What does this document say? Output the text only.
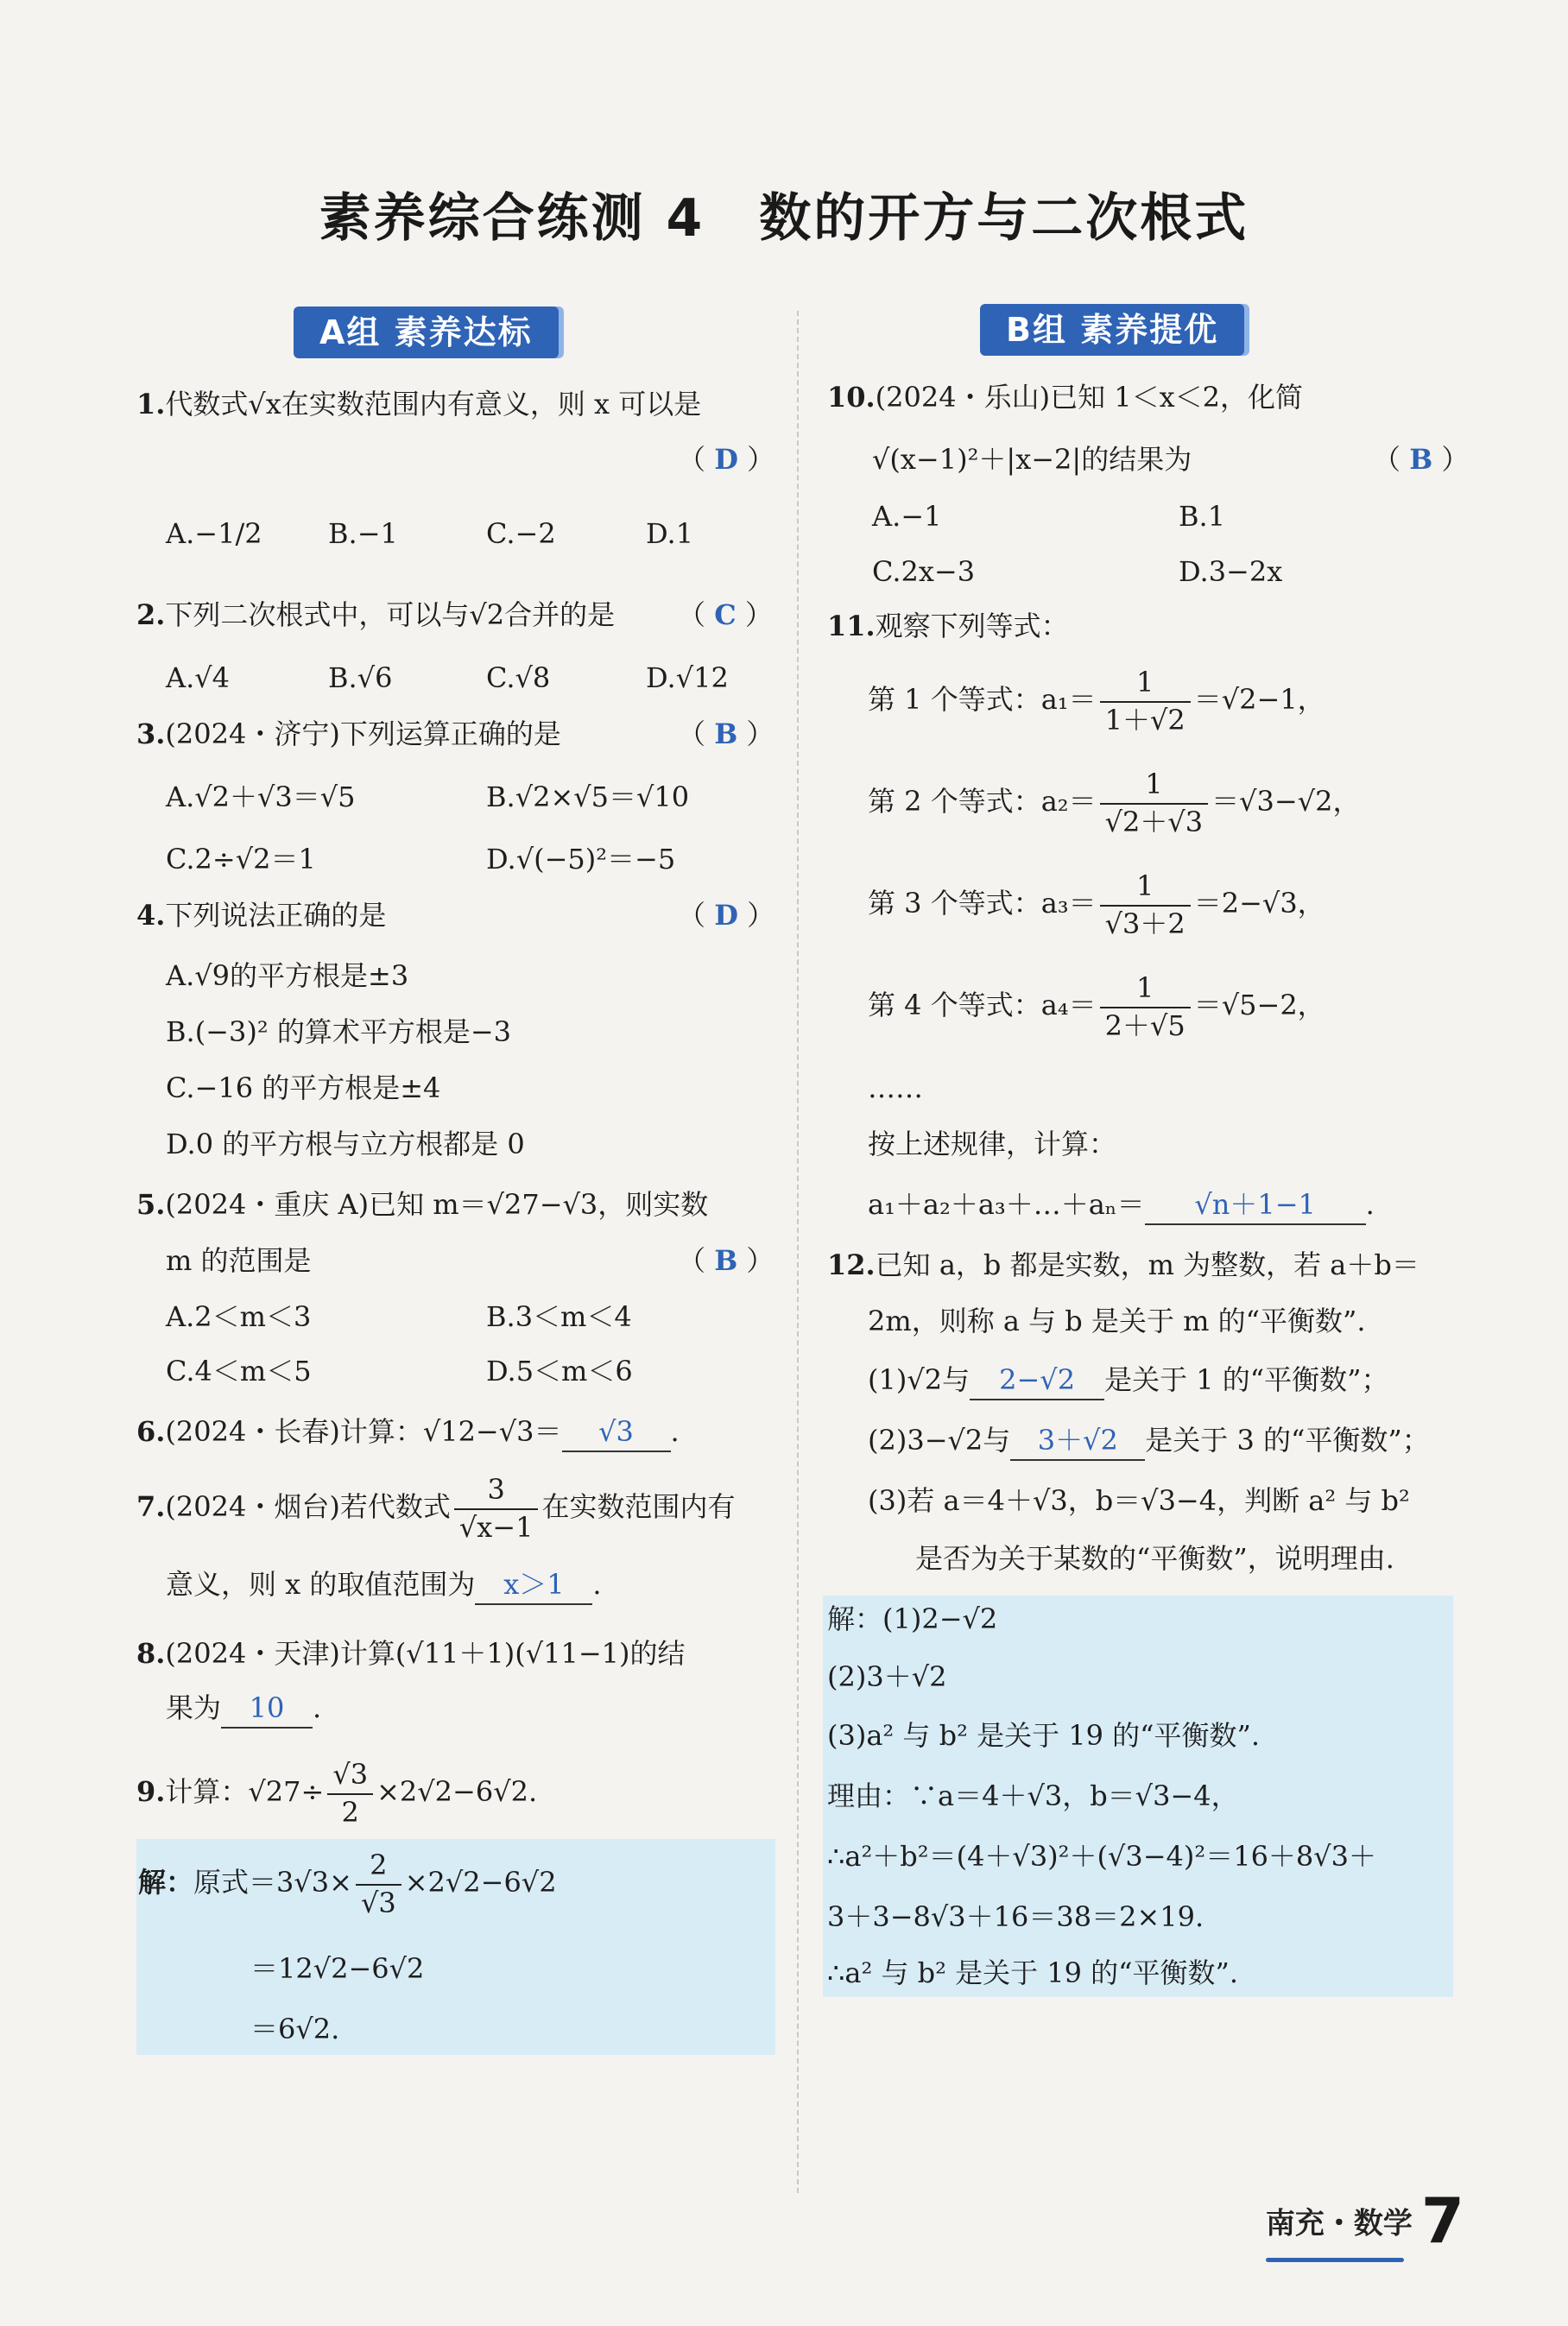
素养综合练测 4　数的开方与二次根式
A组 素养达标	B组 素养提优
1.代数式√x在实数范围内有意义，则 x 可以是
（ D ）
A.−1/2 B.−1	C.−2	D.1
2.下列二次根式中，可以与√2合并的是 （ C ）
A.√4	B.√6	C.√8	D.√12
3.(2024・济宁)下列运算正确的是	（ B ）
A.√2＋√3＝√5	B.√2×√5＝√10
C.2÷√2＝1	D.√(−5)²＝−5
4.下列说法正确的是	（ D ）
A.√9的平方根是±3
B.(−3)² 的算术平方根是−3
C.−16 的平方根是±4
D.0 的平方根与立方根都是 0
5.(2024・重庆 A)已知 m＝√27−√3，则实数
m 的范围是	（ B ）
A.2＜m＜3	B.3＜m＜4
C.4＜m＜5	D.5＜m＜6
6.(2024・长春)计算：√12−√3＝ √3 .
7.(2024・烟台)若代数式 $\frac{3}{√x-1}$ 在实数范围内有
意义，则 x 的取值范围为 x＞1 .
8.(2024・天津)计算(√11＋1)(√11−1)的结
果为 10 .
9.计算：$√27\div \frac{√3}{2} \times 2√2-6√2$.
解：原式$=3√3\times \frac{2}{√3} \times 2√2-6√2$
＝12√2−6√2
＝6√2.
10.(2024・乐山)已知 1＜x＜2，化简
√(x−1)²＋|x−2|的结果为	（ B ）
A.−1	B.1
C.2x−3	D.3−2x
11.观察下列等式：
第 1 个等式：$a_1= \frac{1}{1+√2} =√2-1$，
第 2 个等式：$a_2= \frac{1}{√2+√3} =√3-√2$，
第 3 个等式：$a_3= \frac{1}{√3+2} =2-√3$，
第 4 个等式：$a_4= \frac{1}{2+√5} =√5-2$，
……
按上述规律，计算：
a₁＋a₂＋a₃＋…＋aₙ＝ √n＋1−1 .
12.已知 a，b 都是实数，m 为整数，若 a＋b＝
2m，则称 a 与 b 是关于 m 的“平衡数”.
(1)√2与 2−√2 是关于 1 的“平衡数”；
(2)3−√2与 3＋√2 是关于 3 的“平衡数”；
(3)若 a＝4＋√3，b＝√3−4，判断 a² 与 b²
是否为关于某数的“平衡数”，说明理由.
解：(1)2−√2
(2)3＋√2
(3)a² 与 b² 是关于 19 的“平衡数”.
理由：∵a＝4＋√3，b＝√3−4，
∴a²＋b²＝(4＋√3)²＋(√3−4)²＝16＋8√3＋
3＋3−8√3＋16＝38＝2×19.
∴a² 与 b² 是关于 19 的“平衡数”.
南充・数学 7
